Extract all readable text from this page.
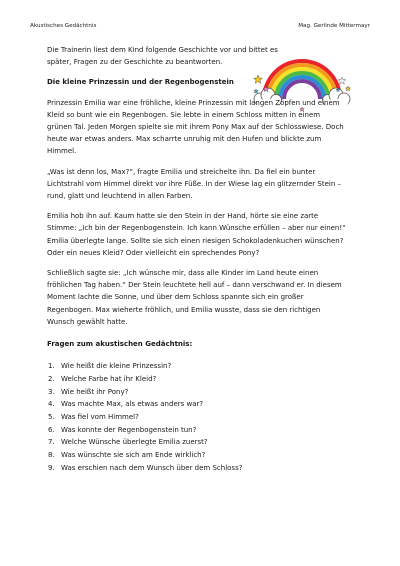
Akustisches Gedächtnis	Mag. Gerlinde Mittermayr

Die Trainerin liest dem Kind folgende Geschichte vor und bittet es später, Fragen zu der Geschichte zu beantworten.

Die kleine Prinzessin und der Regenbogenstein

Prinzessin Emilia war eine fröhliche, kleine Prinzessin mit langen Zöpfen und einem Kleid so bunt wie ein Regenbogen. Sie lebte in einem Schloss mitten in einem grünen Tal. Jeden Morgen spielte sie mit ihrem Pony Max auf der Schlosswiese. Doch heute war etwas anders. Max scharrte unruhig mit den Hufen und blickte zum Himmel.

„Was ist denn los, Max?“, fragte Emilia und streichelte ihn. Da fiel ein bunter Lichtstrahl vom Himmel direkt vor ihre Füße. In der Wiese lag ein glitzernder Stein – rund, glatt und leuchtend in allen Farben.

Emilia hob ihn auf. Kaum hatte sie den Stein in der Hand, hörte sie eine zarte Stimme: „Ich bin der Regenbogenstein. Ich kann Wünsche erfüllen – aber nur einen!“ Emilia überlegte lange. Sollte sie sich einen riesigen Schokoladenkuchen wünschen? Oder ein neues Kleid? Oder vielleicht ein sprechendes Pony?

Schließlich sagte sie: „Ich wünsche mir, dass alle Kinder im Land heute einen fröhlichen Tag haben.“ Der Stein leuchtete hell auf – dann verschwand er. In diesem Moment lachte die Sonne, und über dem Schloss spannte sich ein großer Regenbogen. Max wieherte fröhlich, und Emilia wusste, dass sie den richtigen Wunsch gewählt hatte.

Fragen zum akustischen Gedächtnis:

1. Wie heißt die kleine Prinzessin?
2. Welche Farbe hat ihr Kleid?
3. Wie heißt ihr Pony?
4. Was machte Max, als etwas anders war?
5. Was fiel vom Himmel?
6. Was konnte der Regenbogenstein tun?
7. Welche Wünsche überlegte Emilia zuerst?
8. Was wünschte sie sich am Ende wirklich?
9. Was erschien nach dem Wunsch über dem Schloss?
